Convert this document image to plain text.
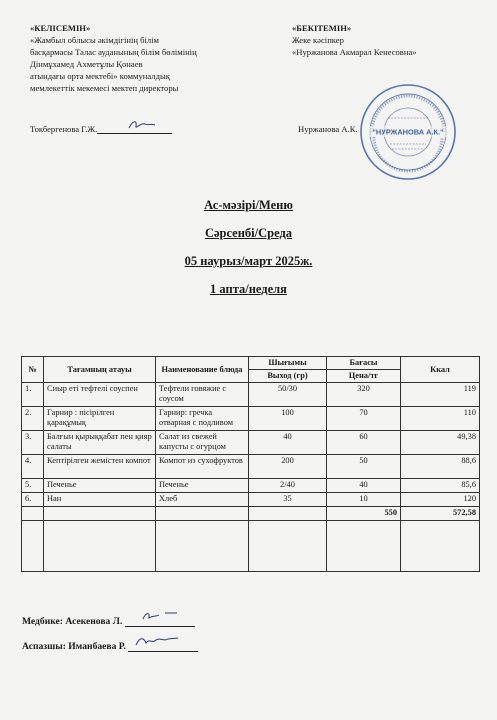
«КЕЛІСЕМІН»
«Жамбыл облысы әкімдігінің білім
басқармасы Талас ауданының білім бөлімінің
Дінмұхамед Ахметұлы Қонаев
атындағы орта мектебі» коммуналдық
мемлекеттік мекемесі мектеп директоры
Токбергенова Г.Ж.
«БЕКІТЕМІН»
Жеке кәсіпкер
«Нуржанова Акмарал Кенесовна»
Нуржанова А.К. "НУРЖАНОВА А.К."
Ас-мәзірі/Меню
Сәрсенбі/Среда
05 наурыз/март 2025ж.
1 апта/неделя
№	Тағамның атауы	Наименование блюда	Шығымы	Бағасы	Ккал
			Выход (гр)	Цена/тг	
1.	Сиыр еті тефтелі соуспен	Тефтели говяжие с соусом	50/30	320	119
2.	Гарнир : пісірілген қарақұмық	Гарнир: гречка отварная с подливом	100	70	110
3.	Балғын қырыққабат пен қияр салаты	Салат из свежей капусты с огурцом	40	60	49,38
4.	Кептірілген жемістен компот	Компот из сухофруктов	200	50	88,6
5.	Печенье	Печенье	2/40	40	85,6
6.	Нан	Хлеб	35	10	120
				550	572,58

Медбике: Асекенова Л.
Аспазшы: Иманбаева Р.
